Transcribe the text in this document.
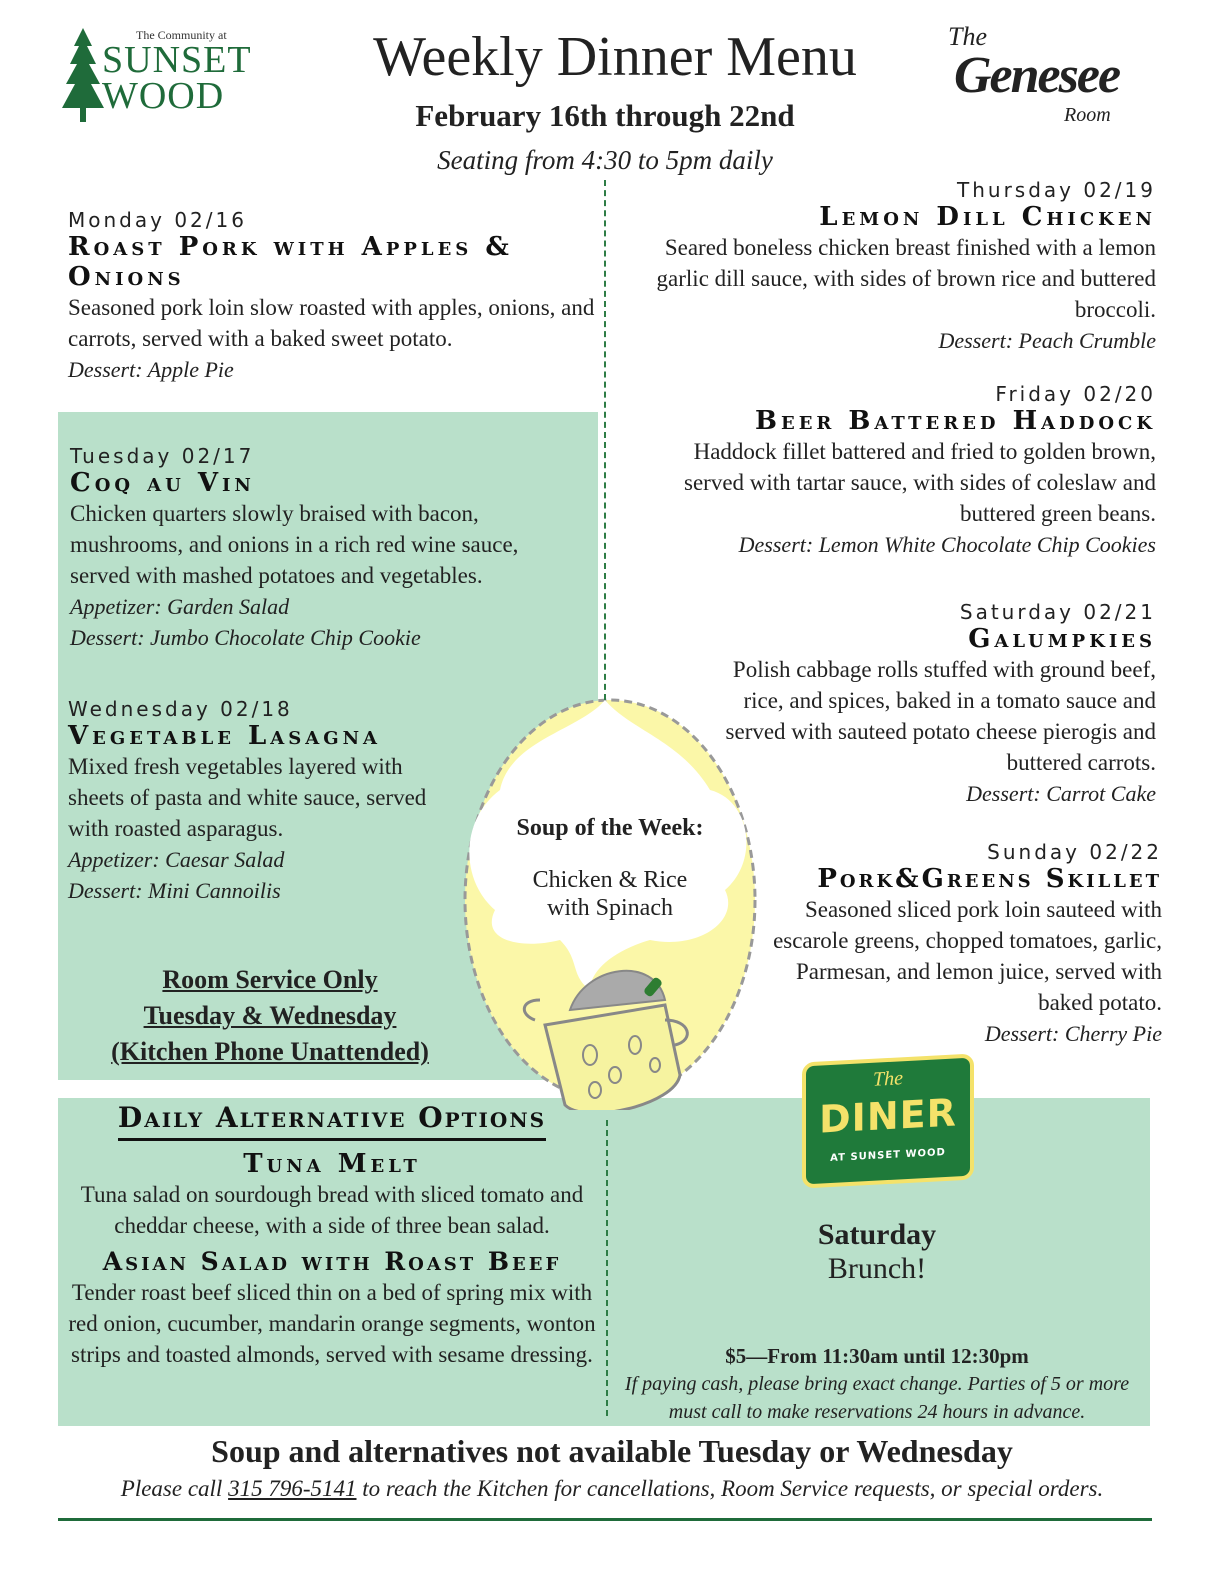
The Community at
SUNSET
WOOD
The
Genesee
Room
Weekly Dinner Menu
February 16th through 22nd
Seating from 4:30 to 5pm daily
Monday 02/16
Roast Pork with Apples & Onions
Seasoned pork loin slow roasted with apples, onions, and carrots, served with a baked sweet potato.
Dessert: Apple Pie
Tuesday 02/17
Coq au Vin
Chicken quarters slowly braised with bacon, mushrooms, and onions in a rich red wine sauce, served with mashed potatoes and vegetables.
Appetizer: Garden Salad
Dessert: Jumbo Chocolate Chip Cookie
Wednesday 02/18
Vegetable Lasagna
Mixed fresh vegetables layered with sheets of pasta and white sauce, served with roasted asparagus.
Appetizer: Caesar Salad
Dessert: Mini Cannoilis
Room Service Only
Tuesday & Wednesday
(Kitchen Phone Unattended)
Soup of the Week:
Chicken & Rice
with Spinach
Thursday 02/19
Lemon Dill Chicken
Seared boneless chicken breast finished with a lemon garlic dill sauce, with sides of brown rice and buttered broccoli.
Dessert: Peach Crumble
Friday 02/20
Beer Battered Haddock
Haddock fillet battered and fried to golden brown, served with tartar sauce, with sides of coleslaw and buttered green beans.
Dessert: Lemon White Chocolate Chip Cookies
Saturday 02/21
Galumpkies
Polish cabbage rolls stuffed with ground beef, rice, and spices, baked in a tomato sauce and served with sauteed potato cheese pierogis and buttered carrots.
Dessert: Carrot Cake
Sunday 02/22
Pork&Greens Skillet
Seasoned sliced pork loin sauteed with escarole greens, chopped tomatoes, garlic, Parmesan, and lemon juice, served with baked potato.
Dessert: Cherry Pie
Daily Alternative Options
Tuna Melt
Tuna salad on sourdough bread with sliced tomato and cheddar cheese, with a side of three bean salad.
Asian Salad with Roast Beef
Tender roast beef sliced thin on a bed of spring mix with red onion, cucumber, mandarin orange segments, wonton strips and toasted almonds, served with sesame dressing.
The
DINER
AT SUNSET WOOD
Saturday
Brunch!
$5—From 11:30am until 12:30pm
If paying cash, please bring exact change. Parties of 5 or more must call to make reservations 24 hours in advance.
Soup and alternatives not available Tuesday or Wednesday
Please call 315 796-5141 to reach the Kitchen for cancellations, Room Service requests, or special orders.
